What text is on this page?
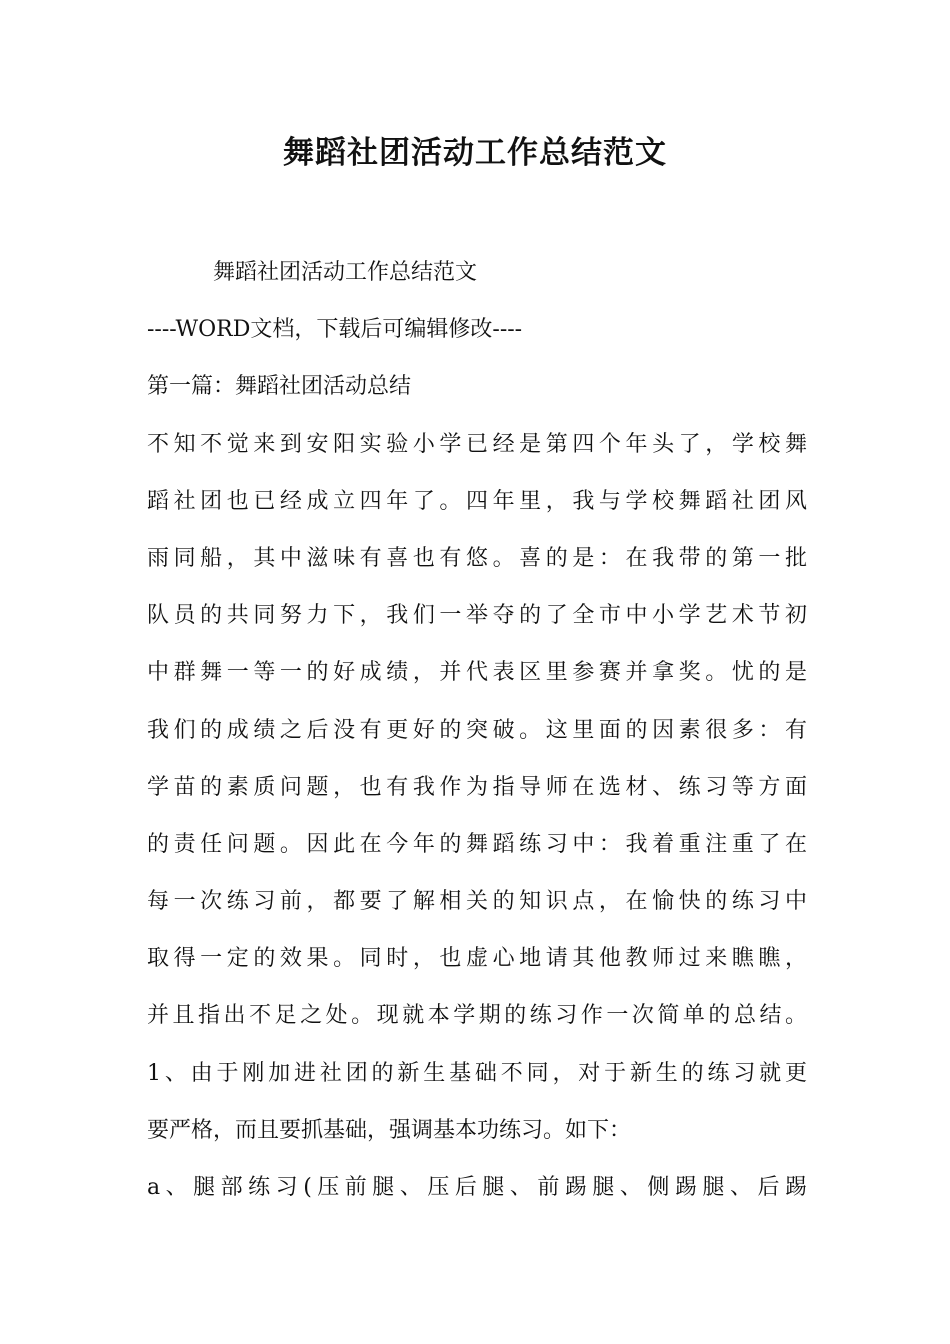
舞蹈社团活动工作总结范文
舞蹈社团活动工作总结范文
----WORD文档，下载后可编辑修改----
第一篇：舞蹈社团活动总结
不知不觉来到安阳实验小学已经是第四个年头了，学校舞
蹈社团也已经成立四年了。四年里，我与学校舞蹈社团风
雨同船，其中滋味有喜也有悠。喜的是：在我带的第一批
队员的共同努力下，我们一举夺的了全市中小学艺术节初
中群舞一等一的好成绩，并代表区里参赛并拿奖。忧的是
我们的成绩之后没有更好的突破。这里面的因素很多：有
学苗的素质问题，也有我作为指导师在选材、练习等方面
的责任问题。因此在今年的舞蹈练习中：我着重注重了在
每一次练习前，都要了解相关的知识点，在愉快的练习中
取得一定的效果。同时，也虚心地请其他教师过来瞧瞧，
并且指出不足之处。现就本学期的练习作一次简单的总结。
1、由于刚加进社团的新生基础不同，对于新生的练习就更
要严格，而且要抓基础，强调基本功练习。如下：
a、腿部练习(压前腿、压后腿、前踢腿、侧踢腿、后踢
